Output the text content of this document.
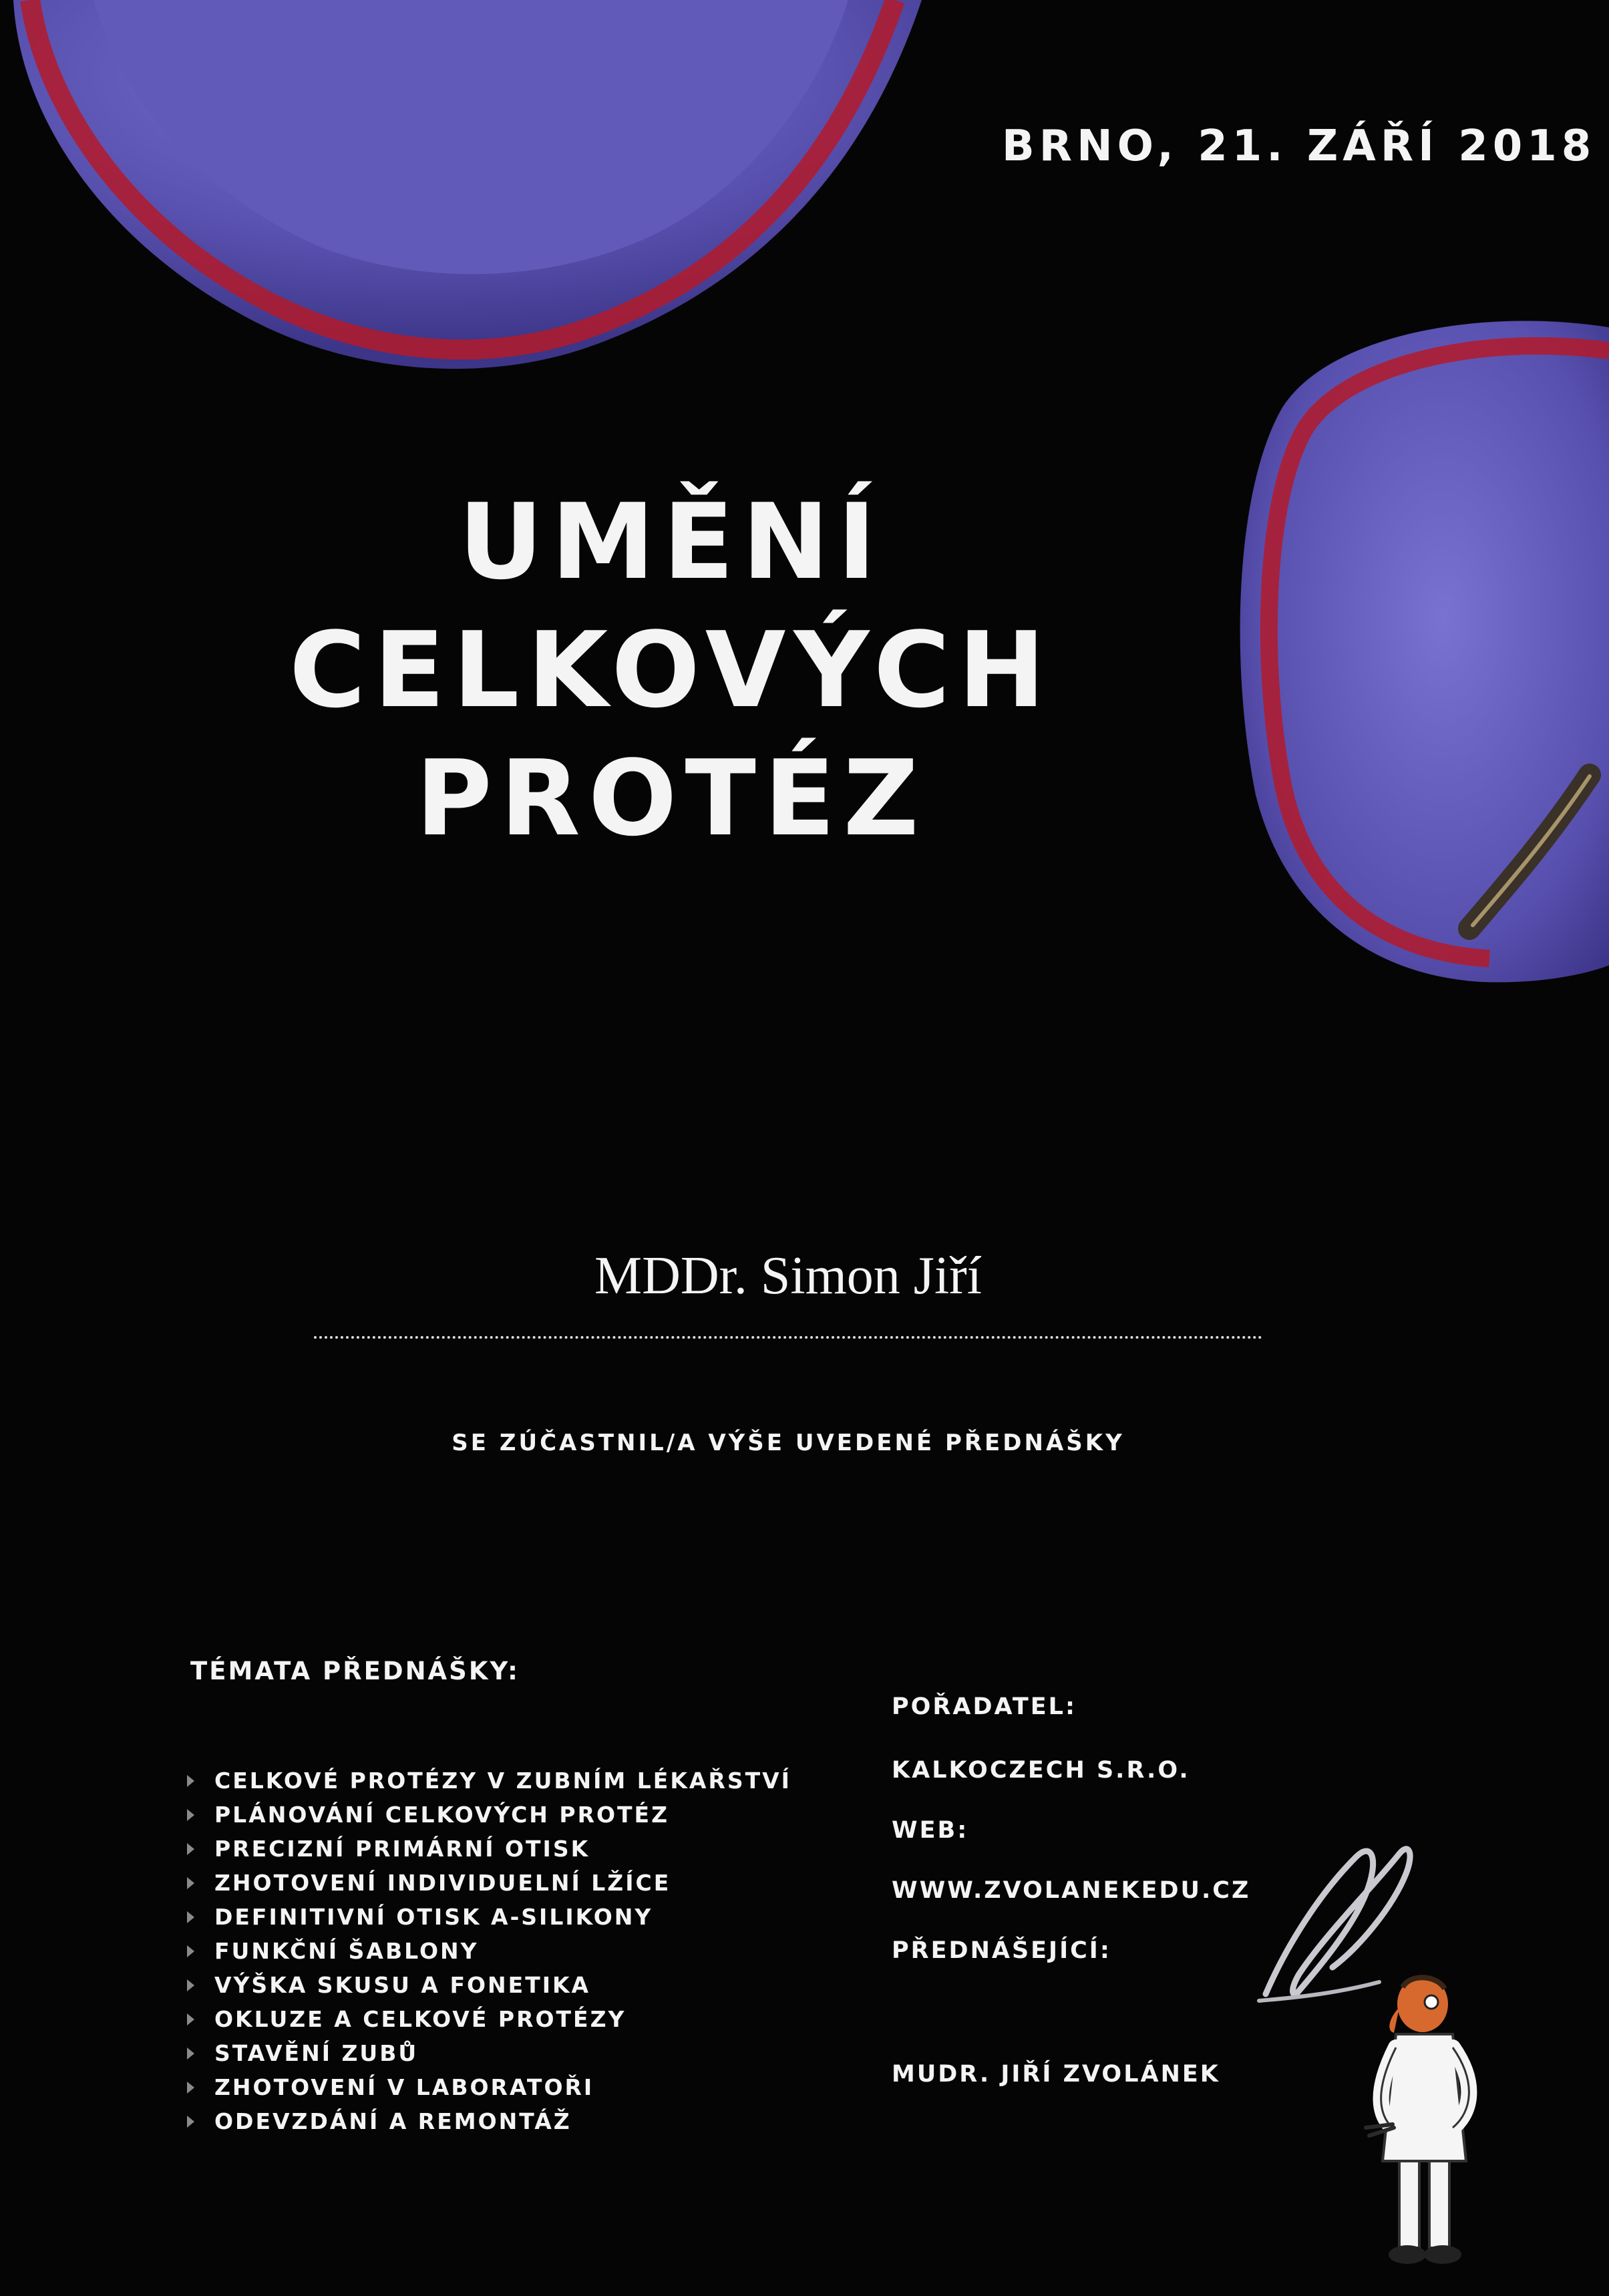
BRNO, 21. ZÁŘÍ 2018
UMĚNÍ
CELKOVÝCH
PROTÉZ
MDDr. Simon Jiří
SE ZÚČASTNIL/A VÝŠE UVEDENÉ PŘEDNÁŠKY
TÉMATA PŘEDNÁŠKY:
CELKOVÉ PROTÉZY V ZUBNÍM LÉKAŘSTVÍ
PLÁNOVÁNÍ CELKOVÝCH PROTÉZ
PRECIZNÍ PRIMÁRNÍ OTISK
ZHOTOVENÍ INDIVIDUELNÍ LŽÍCE
DEFINITIVNÍ OTISK A-SILIKONY
FUNKČNÍ ŠABLONY
VÝŠKA SKUSU A FONETIKA
OKLUZE A CELKOVÉ PROTÉZY
STAVĚNÍ ZUBŮ
ZHOTOVENÍ V LABORATOŘI
ODEVZDÁNÍ A REMONTÁŽ
POŘADATEL:
KALKOCZECH S.R.O.
WEB:
WWW.ZVOLANEKEDU.CZ
PŘEDNÁŠEJÍCÍ:
MUDR. JIŘÍ ZVOLÁNEK
